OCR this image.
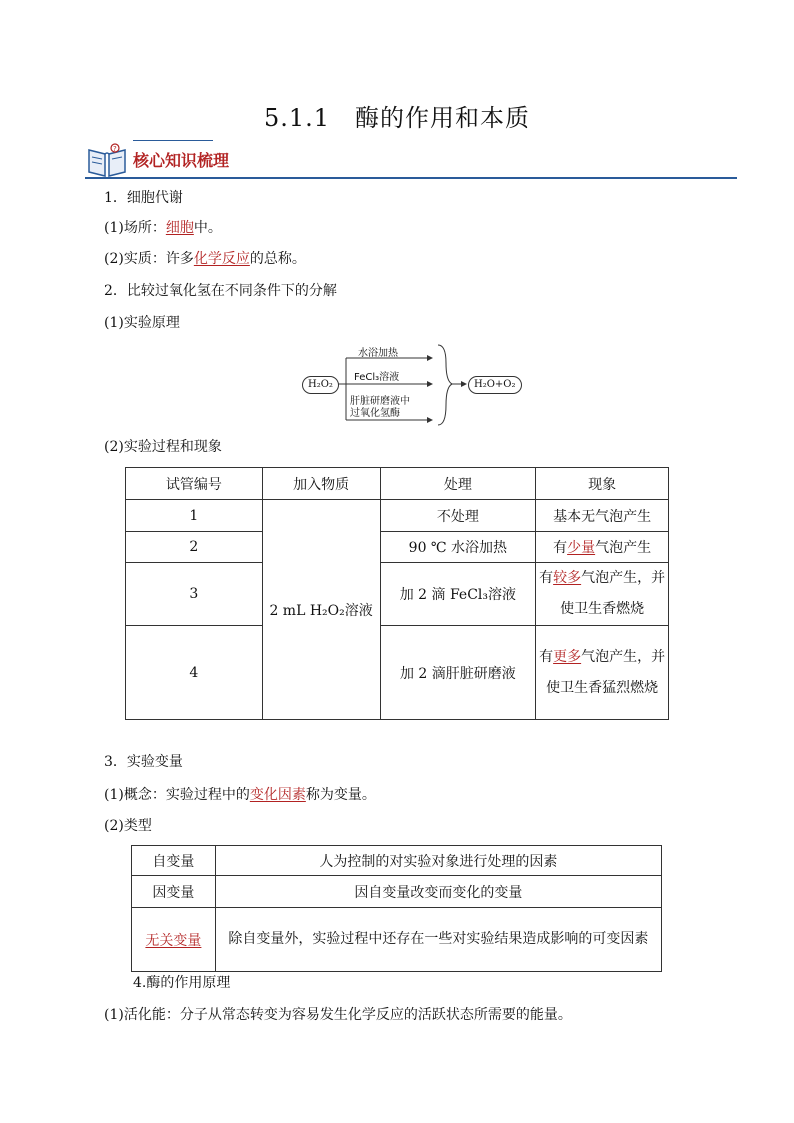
5.1.1　酶的作用和本质
?
核心知识梳理
1．细胞代谢
(1)场所：细胞中。
(2)实质：许多化学反应的总称。
2．比较过氧化氢在不同条件下的分解
(1)实验原理
H₂O₂	H₂O+O₂
水浴加热
FeCl₃溶液
肝脏研磨液中
过氧化氢酶
(2)实验过程和现象
试管编号	加入物质	处理	现象
1	2 mL H₂O₂溶液	不处理	基本无气泡产生
2		90 ℃ 水浴加热	有少量气泡产生
3		加 2 滴 FeCl₃溶液	有较多气泡产生，并使卫生香燃烧
4		加 2 滴肝脏研磨液	有更多气泡产生，并使卫生香猛烈燃烧
3．实验变量
(1)概念：实验过程中的变化因素称为变量。
(2)类型
自变量	人为控制的对实验对象进行处理的因素
因变量	因自变量改变而变化的变量
无关变量	除自变量外，实验过程中还存在一些对实验结果造成影响的可变因素
4.酶的作用原理
(1)活化能：分子从常态转变为容易发生化学反应的活跃状态所需要的能量。
